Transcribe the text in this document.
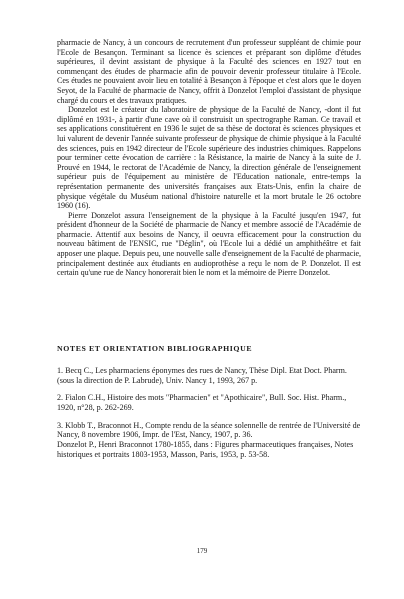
pharmacie de Nancy, à un concours de recrutement d'un professeur suppléant de chimie pour l'Ecole de Besançon. Terminant sa licence ès sciences et préparant son diplôme d'études supérieures, il devint assistant de physique à la Faculté des sciences en 1927 tout en commençant des études de pharmacie afin de pouvoir devenir professeur titulaire à l'Ecole. Ces études ne pouvaient avoir lieu en totalité à Besançon à l'époque et c'est alors que le doyen Seyot, de la Faculté de pharmacie de Nancy, offrit à Donzelot l'emploi d'assistant de physique chargé du cours et des travaux pratiques.

Donzelot est le créateur du laboratoire de physique de la Faculté de Nancy, -dont il fut diplômé en 1931-, à partir d'une cave où il construisit un spectrographe Raman. Ce travail et ses applications constituèrent en 1936 le sujet de sa thèse de doctorat ès sciences physiques et lui valurent de devenir l'année suivante professeur de physique de chimie physique à la Faculté des sciences, puis en 1942 directeur de l'Ecole supérieure des industries chimiques. Rappelons pour terminer cette évocation de carrière : la Résistance, la mairie de Nancy à la suite de J. Prouvé en 1944, le rectorat de l'Académie de Nancy, la direction générale de l'enseignement supérieur puis de l'équipement au ministère de l'Education nationale, entre-temps la représentation permanente des universités françaises aux Etats-Unis, enfin la chaire de physique végétale du Muséum national d'histoire naturelle et la mort brutale le 26 octobre 1960 (16).

Pierre Donzelot assura l'enseignement de la physique à la Faculté jusqu'en 1947, fut président d'honneur de la Société de pharmacie de Nancy et membre associé de l'Académie de pharmacie. Attentif aux besoins de Nancy, il oeuvra efficacement pour la construction du nouveau bâtiment de l'ENSIC, rue "Déglin", où l'Ecole lui a dédié un amphithéâtre et fait apposer une plaque. Depuis peu, une nouvelle salle d'enseignement de la Faculté de pharmacie, principalement destinée aux étudiants en audioprothèse a reçu le nom de P. Donzelot. Il est certain qu'une rue de Nancy honorerait bien le nom et la mémoire de Pierre Donzelot.

NOTES ET ORIENTATION BIBLIOGRAPHIQUE

1. Becq C., Les pharmaciens éponymes des rues de Nancy, Thèse Dipl. Etat Doct. Pharm. (sous la direction de P. Labrude), Univ. Nancy 1, 1993, 267 p.

2. Fialon C.H., Histoire des mots "Pharmacien" et "Apothicaire", Bull. Soc. Hist. Pharm., 1920, n°28, p. 262-269.

3. Klobb T., Braconnot H., Compte rendu de la séance solennelle de rentrée de l'Université de Nancy, 8 novembre 1906, Impr. de l'Est, Nancy, 1907, p. 36.

Donzelot P., Henri Braconnot 1780-1855, dans : Figures pharmaceutiques françaises, Notes historiques et portraits 1803-1953, Masson, Paris, 1953, p. 53-58.

179
